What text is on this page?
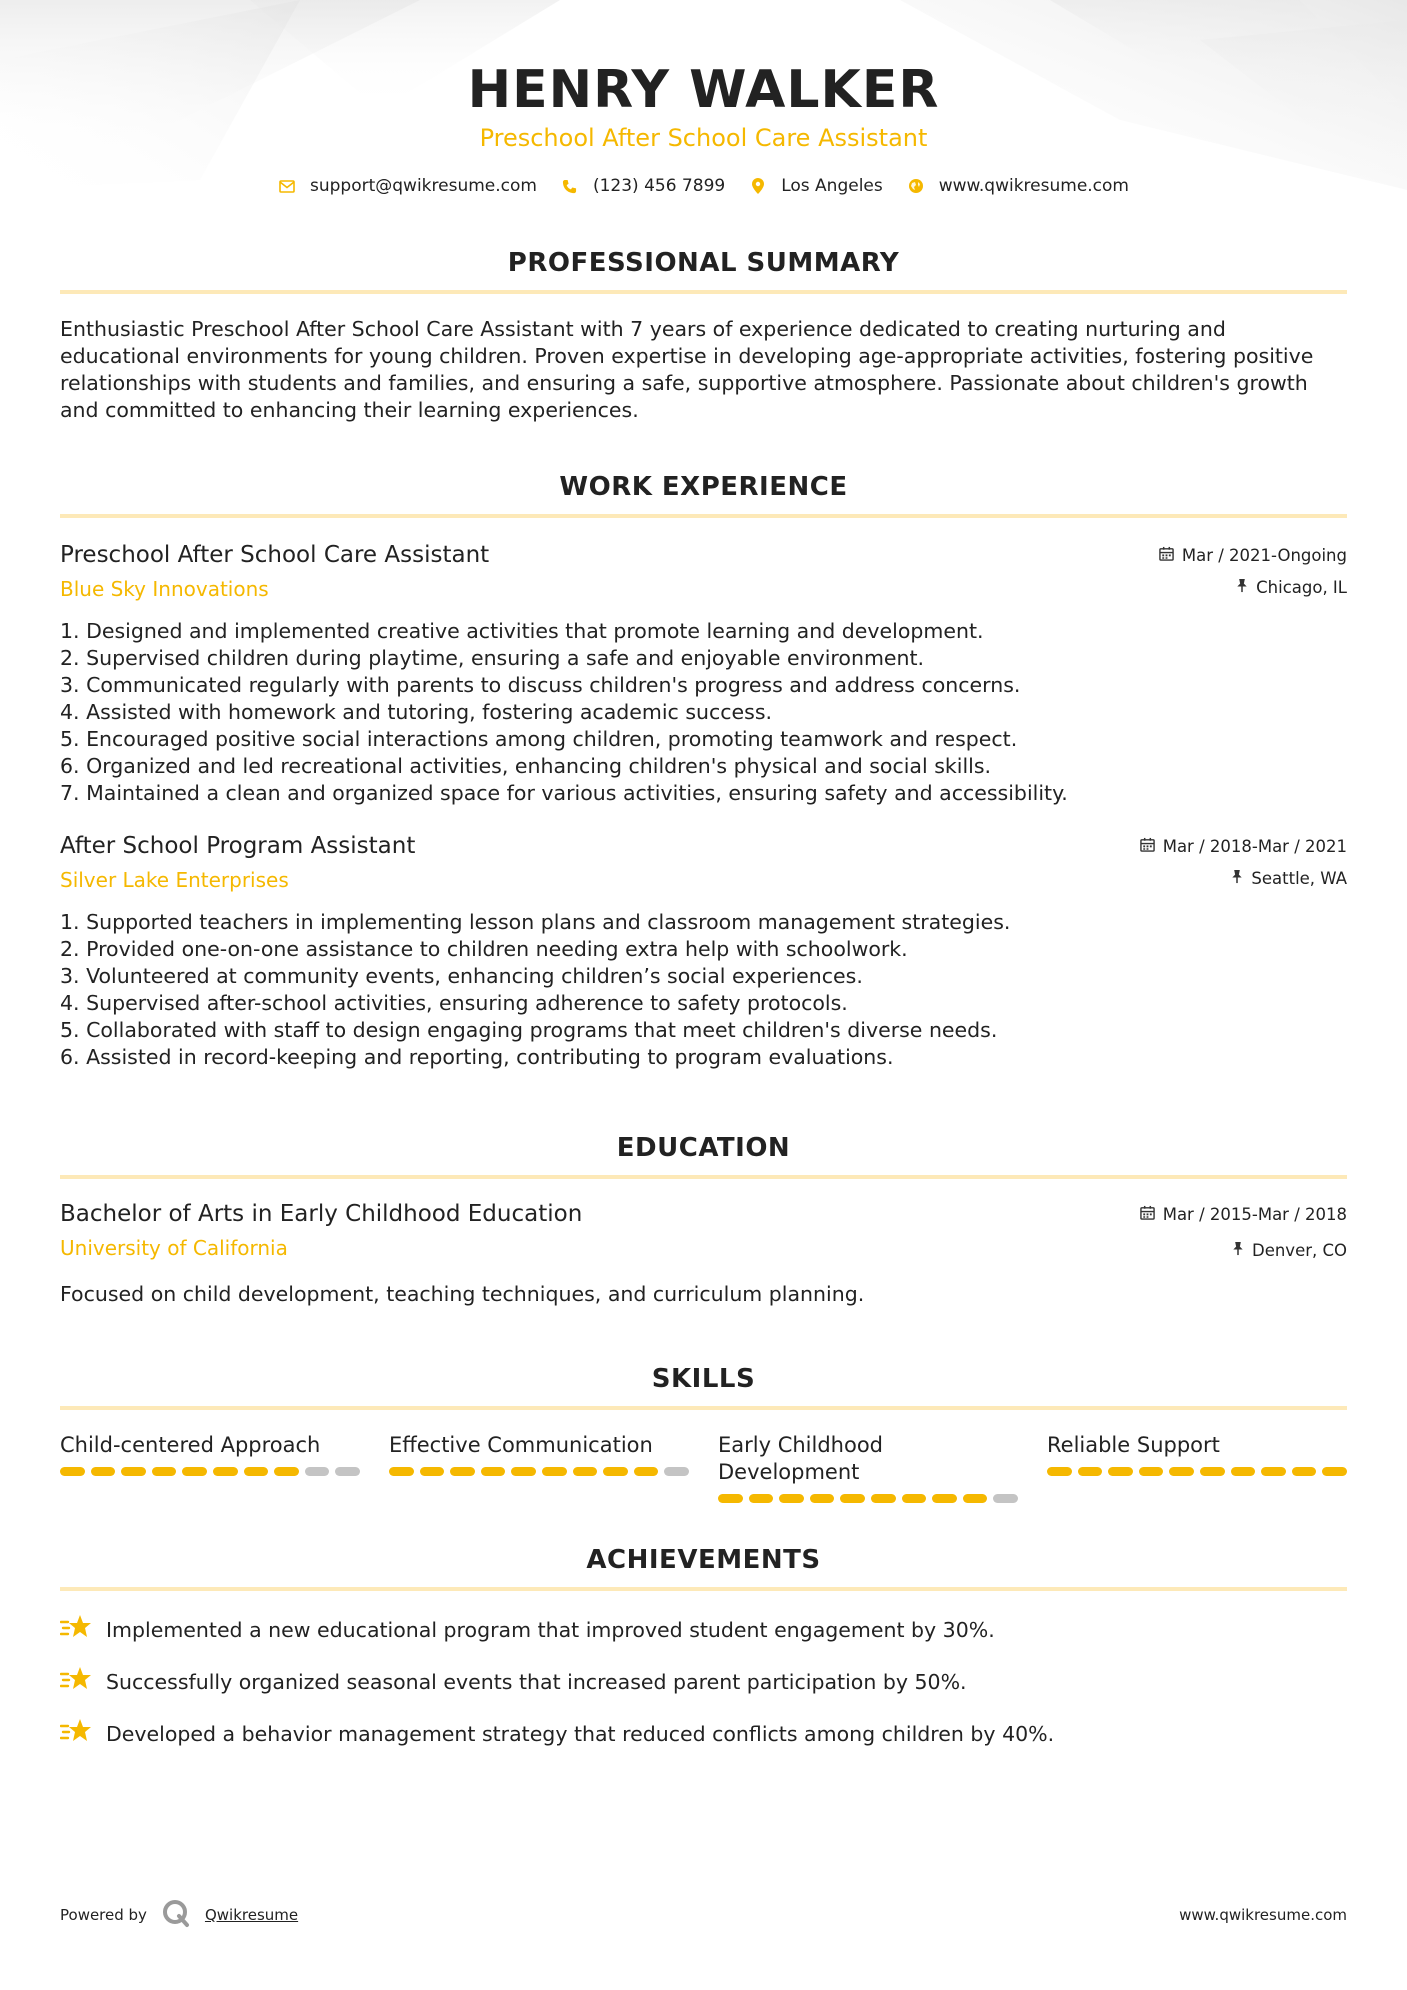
HENRY WALKER
Preschool After School Care Assistant
support@qwikresume.com	(123) 456 7899	Los Angeles	www.qwikresume.com
PROFESSIONAL SUMMARY
Enthusiastic Preschool After School Care Assistant with 7 years of experience dedicated to creating nurturing and educational environments for young children. Proven expertise in developing age-appropriate activities, fostering positive relationships with students and families, and ensuring a safe, supportive atmosphere. Passionate about children's growth and committed to enhancing their learning experiences.
WORK EXPERIENCE
Preschool After School Care Assistant
Blue Sky Innovations
Mar / 2021-Ongoing
Chicago, IL
1. Designed and implemented creative activities that promote learning and development.
2. Supervised children during playtime, ensuring a safe and enjoyable environment.
3. Communicated regularly with parents to discuss children's progress and address concerns.
4. Assisted with homework and tutoring, fostering academic success.
5. Encouraged positive social interactions among children, promoting teamwork and respect.
6. Organized and led recreational activities, enhancing children's physical and social skills.
7. Maintained a clean and organized space for various activities, ensuring safety and accessibility.
After School Program Assistant
Silver Lake Enterprises
Mar / 2018-Mar / 2021
Seattle, WA
1. Supported teachers in implementing lesson plans and classroom management strategies.
2. Provided one-on-one assistance to children needing extra help with schoolwork.
3. Volunteered at community events, enhancing children’s social experiences.
4. Supervised after-school activities, ensuring adherence to safety protocols.
5. Collaborated with staff to design engaging programs that meet children's diverse needs.
6. Assisted in record-keeping and reporting, contributing to program evaluations.
EDUCATION
Bachelor of Arts in Early Childhood Education
University of California
Mar / 2015-Mar / 2018
Denver, CO
Focused on child development, teaching techniques, and curriculum planning.
SKILLS
Child-centered Approach	Effective Communication	Early Childhood Development
Reliable Support
ACHIEVEMENTS
Implemented a new educational program that improved student engagement by 30%.
Successfully organized seasonal events that increased parent participation by 50%.
Developed a behavior management strategy that reduced conflicts among children by 40%.
Powered by	Qwikresume	www.qwikresume.com
